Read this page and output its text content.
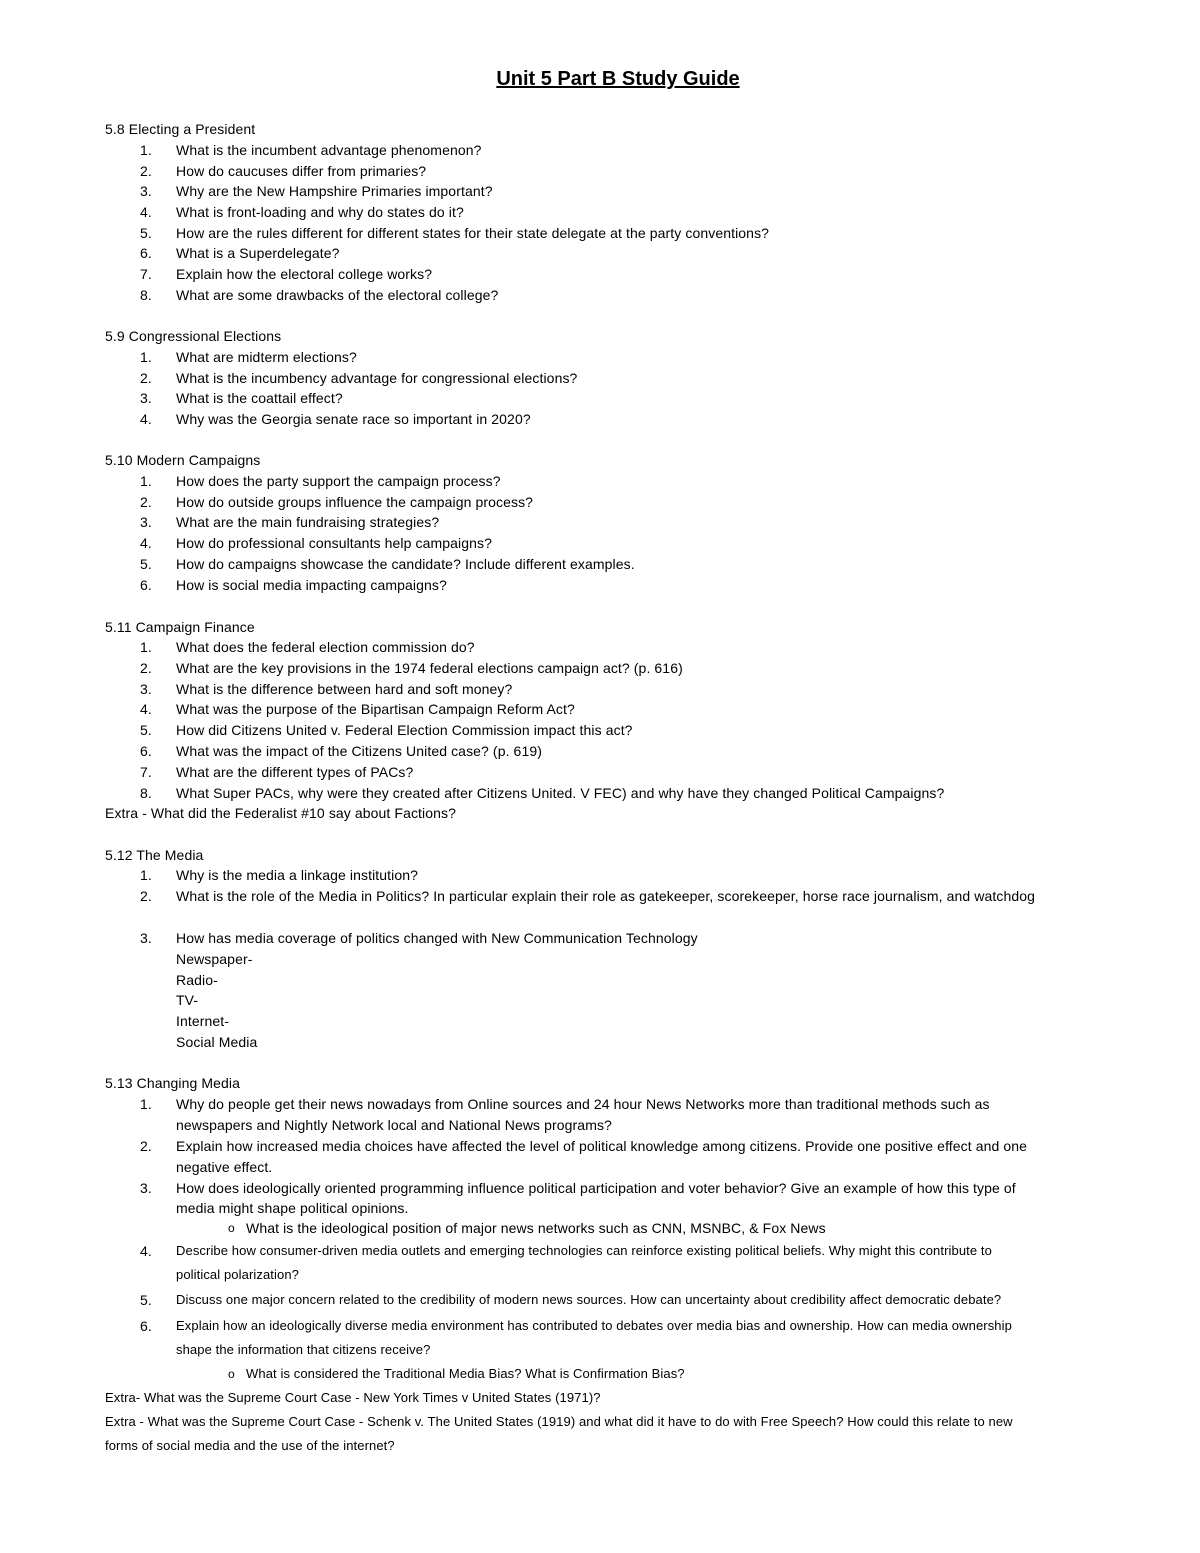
Unit 5 Part B Study Guide
5.8 Electing a President
1.	What is the incumbent advantage phenomenon?
2.	How do caucuses differ from primaries?
3.	Why are the New Hampshire Primaries important?
4.	What is front-loading and why do states do it?
5.	How are the rules different for different states for their state delegate at the party conventions?
6.	What is a Superdelegate?
7.	Explain how the electoral college works?
8.	What are some drawbacks of the electoral college?
5.9 Congressional Elections
1.	What are midterm elections?
2.	What is the incumbency advantage for congressional elections?
3.	What is the coattail effect?
4.	Why was the Georgia senate race so important in 2020?
5.10 Modern Campaigns
1.	How does the party support the campaign process?
2.	How do outside groups influence the campaign process?
3.	What are the main fundraising strategies?
4.	How do professional consultants help campaigns?
5.	How do campaigns showcase the candidate? Include different examples.
6.	How is social media impacting campaigns?
5.11 Campaign Finance
1.	What does the federal election commission do?
2.	What are the key provisions in the 1974 federal elections campaign act? (p. 616)
3.	What is the difference between hard and soft money?
4.	What was the purpose of the Bipartisan Campaign Reform Act?
5.	How did Citizens United v. Federal Election Commission impact this act?
6.	What was the impact of the Citizens United case? (p. 619)
7.	What are the different types of PACs?
8.	What Super PACs, why were they created after Citizens United. V FEC) and why have they changed Political Campaigns?
Extra - What did the Federalist #10 say about Factions?
5.12 The Media
1.	Why is the media a linkage institution?
2.	What is the role of the Media in Politics? In particular explain their role as gatekeeper, scorekeeper, horse race journalism, and watchdog
3.	How has media coverage of politics changed with New Communication Technology
Newspaper-
Radio-
TV-
Internet-
Social Media
5.13 Changing Media
1.	Why do people get their news nowadays from Online sources and 24 hour News Networks more than traditional methods such as
newspapers and Nightly Network local and National News programs?
2.	Explain how increased media choices have affected the level of political knowledge among citizens. Provide one positive effect and one
negative effect.
3.	How does ideologically oriented programming influence political participation and voter behavior? Give an example of how this type of
media might shape political opinions.
o What is the ideological position of major news networks such as CNN, MSNBC, & Fox News
4.	Describe how consumer-driven media outlets and emerging technologies can reinforce existing political beliefs. Why might this contribute to
political polarization?
5.	Discuss one major concern related to the credibility of modern news sources. How can uncertainty about credibility affect democratic debate?
6.	Explain how an ideologically diverse media environment has contributed to debates over media bias and ownership. How can media ownership
shape the information that citizens receive?
o What is considered the Traditional Media Bias? What is Confirmation Bias?
Extra- What was the Supreme Court Case - New York Times v United States (1971)?
Extra - What was the Supreme Court Case - Schenk v. The United States (1919) and what did it have to do with Free Speech? How could this relate to new
forms of social media and the use of the internet?
